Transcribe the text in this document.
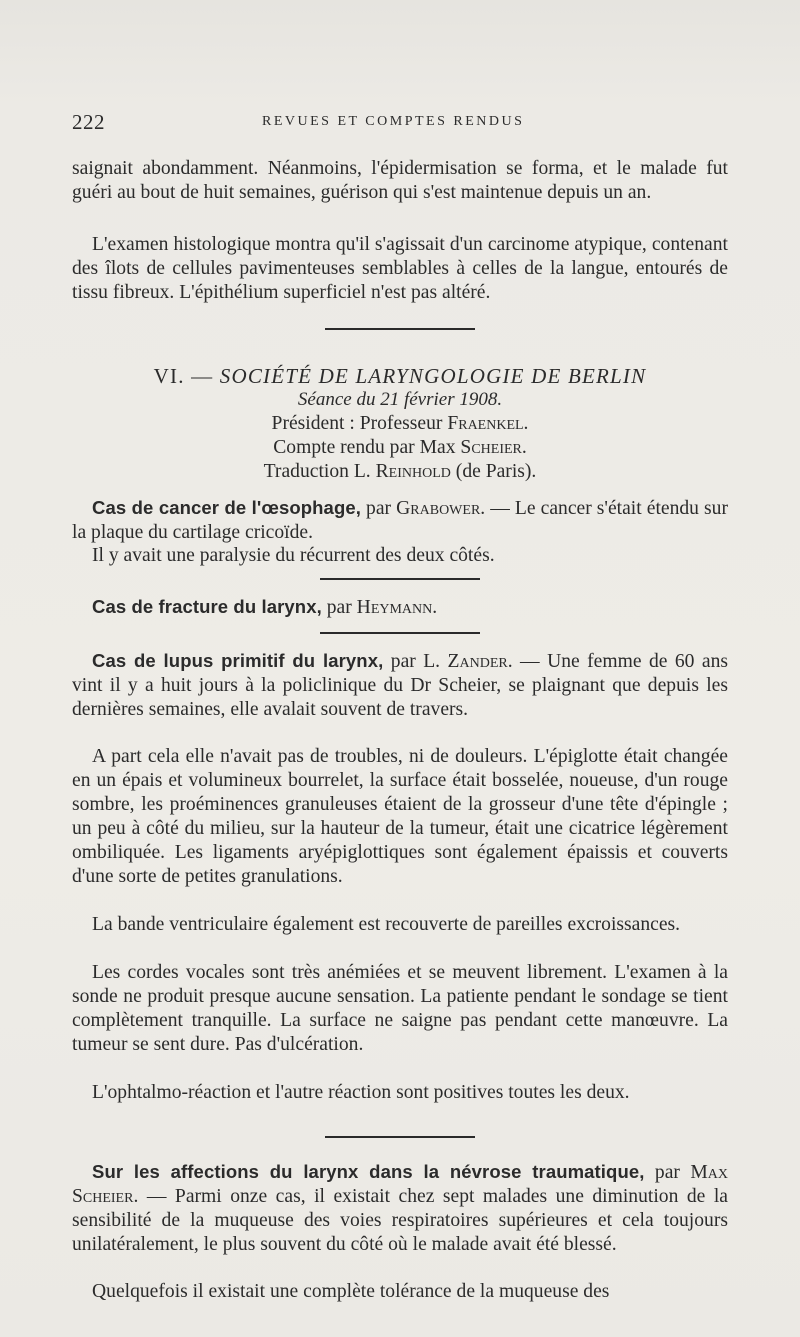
222	REVUES ET COMPTES RENDUS

saignait abondamment. Néanmoins, l'épidermisation se forma, et le malade fut guéri au bout de huit semaines, guérison qui s'est maintenue depuis un an.

L'examen histologique montra qu'il s'agissait d'un carcinome atypique, contenant des îlots de cellules pavimenteuses semblables à celles de la langue, entourés de tissu fibreux. L'épithélium superficiel n'est pas altéré.

VI. — SOCIÉTÉ DE LARYNGOLOGIE DE BERLIN

Séance du 21 février 1908.

Président : Professeur Fraenkel.

Compte rendu par Max Scheier.

Traduction L. Reinhold (de Paris).

Cas de cancer de l'œsophage, par Grabower. — Le cancer s'était étendu sur la plaque du cartilage cricoïde.

Il y avait une paralysie du récurrent des deux côtés.

Cas de fracture du larynx, par Heymann.

Cas de lupus primitif du larynx, par L. Zander. — Une femme de 60 ans vint il y a huit jours à la policlinique du Dr Scheier, se plaignant que depuis les dernières semaines, elle avalait souvent de travers.

A part cela elle n'avait pas de troubles, ni de douleurs. L'épiglotte était changée en un épais et volumineux bourrelet, la surface était bosselée, noueuse, d'un rouge sombre, les proéminences granuleuses étaient de la grosseur d'une tête d'épingle ; un peu à côté du milieu, sur la hauteur de la tumeur, était une cicatrice légèrement ombiliquée. Les ligaments aryépiglottiques sont également épaissis et couverts d'une sorte de petites granulations.

La bande ventriculaire également est recouverte de pareilles excroissances.

Les cordes vocales sont très anémiées et se meuvent librement. L'examen à la sonde ne produit presque aucune sensation. La patiente pendant le sondage se tient complètement tranquille. La surface ne saigne pas pendant cette manœuvre. La tumeur se sent dure. Pas d'ulcération.

L'ophtalmo-réaction et l'autre réaction sont positives toutes les deux.

Sur les affections du larynx dans la névrose traumatique, par Max Scheier. — Parmi onze cas, il existait chez sept malades une diminution de la sensibilité de la muqueuse des voies respiratoires supérieures et cela toujours unilatéralement, le plus souvent du côté où le malade avait été blessé.

Quelquefois il existait une complète tolérance de la muqueuse des
